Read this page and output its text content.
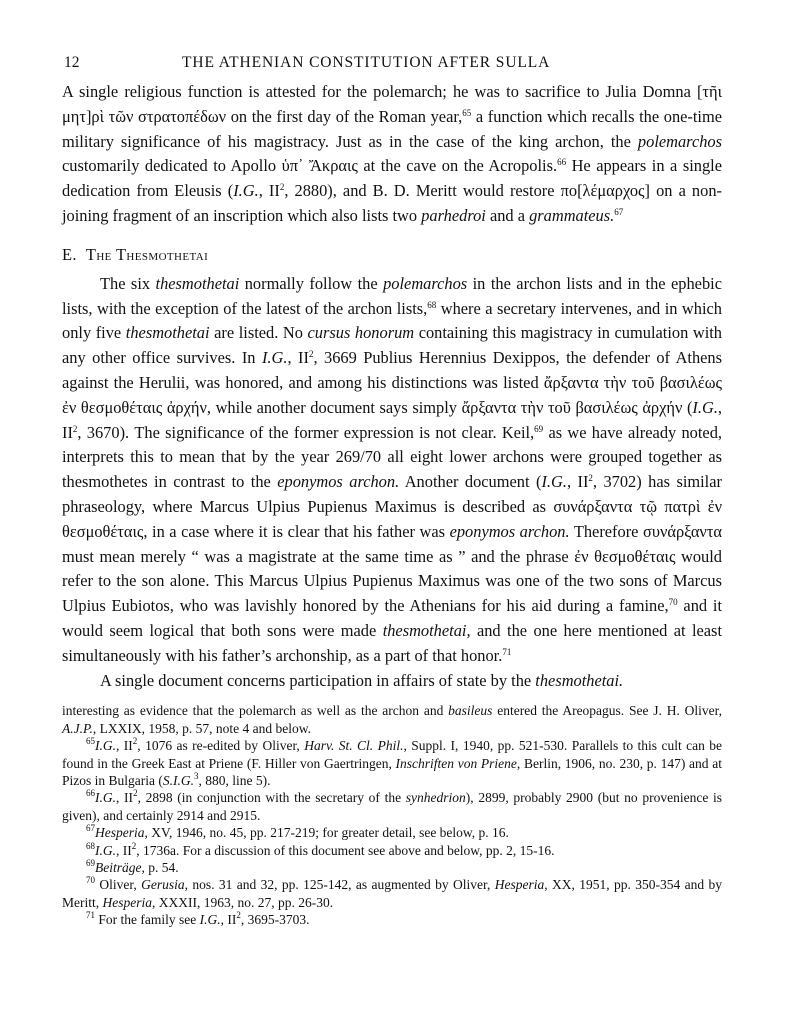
12	THE ATHENIAN CONSTITUTION AFTER SULLA

A single religious function is attested for the polemarch; he was to sacrifice to Julia Domna [τῆι μητ]ρὶ τῶν στρατοπέδων on the first day of the Roman year,$^{65}$ a function which recalls the one-time military significance of his magistracy. Just as in the case of the king archon, the polemarchos customarily dedicated to Apollo ὑπ᾽ Ἄκραις at the cave on the Acropolis.$^{66}$ He appears in a single dedication from Eleusis (I.G., $II^2$, 2880), and B. D. Meritt would restore πο[λέμαρχος] on a non-joining fragment of an inscription which also lists two parhedroi and a grammateus.$^{67}$

E. The Thesmothetai

The six thesmothetai normally follow the polemarchos in the archon lists and in the ephebic lists, with the exception of the latest of the archon lists,$^{68}$ where a secretary intervenes, and in which only five thesmothetai are listed. No cursus honorum containing this magistracy in cumulation with any other office survives. In I.G., $II^2$, 3669 Publius Herennius Dexippos, the defender of Athens against the Herulii, was honored, and among his distinctions was listed ἄρξαντα τὴν τοῦ βασιλέως ἐν θεσμοθέταις ἀρχήν, while another document says simply ἄρξαντα τὴν τοῦ βασιλέως ἀρχήν (I.G., $II^2$, 3670). The significance of the former expression is not clear. Keil,$^{69}$ as we have already noted, interprets this to mean that by the year 269/70 all eight lower archons were grouped together as thesmothetes in contrast to the eponymos archon. Another document (I.G., $II^2$, 3702) has similar phraseology, where Marcus Ulpius Pupienus Maximus is described as συνάρξαντα τῷ πατρὶ ἐν θεσμοθέταις, in a case where it is clear that his father was eponymos archon. Therefore συνάρξαντα must mean merely “ was a magistrate at the same time as ” and the phrase ἐν θεσμοθέταις would refer to the son alone. This Marcus Ulpius Pupienus Maximus was one of the two sons of Marcus Ulpius Eubiotos, who was lavishly honored by the Athenians for his aid during a famine,$^{70}$ and it would seem logical that both sons were made thesmothetai, and the one here mentioned at least simultaneously with his father’s archonship, as a part of that honor.$^{71}$

A single document concerns participation in affairs of state by the thesmothetai.

interesting as evidence that the polemarch as well as the archon and basileus entered the Areopagus. See J. H. Oliver, A.J.P., LXXIX, 1958, p. 57, note 4 and below.

$^{65}$I.G., $II^2$, 1076 as re-edited by Oliver, Harv. St. Cl. Phil., Suppl. I, 1940, pp. 521-530. Parallels to this cult can be found in the Greek East at Priene (F. Hiller von Gaertringen, Inschriften von Priene, Berlin, 1906, no. 230, p. 147) and at Pizos in Bulgaria (S.I.G.$^3$, 880, line 5).

$^{66}$I.G., $II^2$, 2898 (in conjunction with the secretary of the synhedrion), 2899, probably 2900 (but no provenience is given), and certainly 2914 and 2915.

$^{67}$Hesperia, XV, 1946, no. 45, pp. 217-219; for greater detail, see below, p. 16.

$^{68}$I.G., $II^2$, 1736a. For a discussion of this document see above and below, pp. 2, 15-16.

$^{69}$Beiträge, p. 54.

$^{70}$ Oliver, Gerusia, nos. 31 and 32, pp. 125-142, as augmented by Oliver, Hesperia, XX, 1951, pp. 350-354 and by Meritt, Hesperia, XXXII, 1963, no. 27, pp. 26-30.

$^{71}$ For the family see I.G., $II^2$, 3695-3703.
